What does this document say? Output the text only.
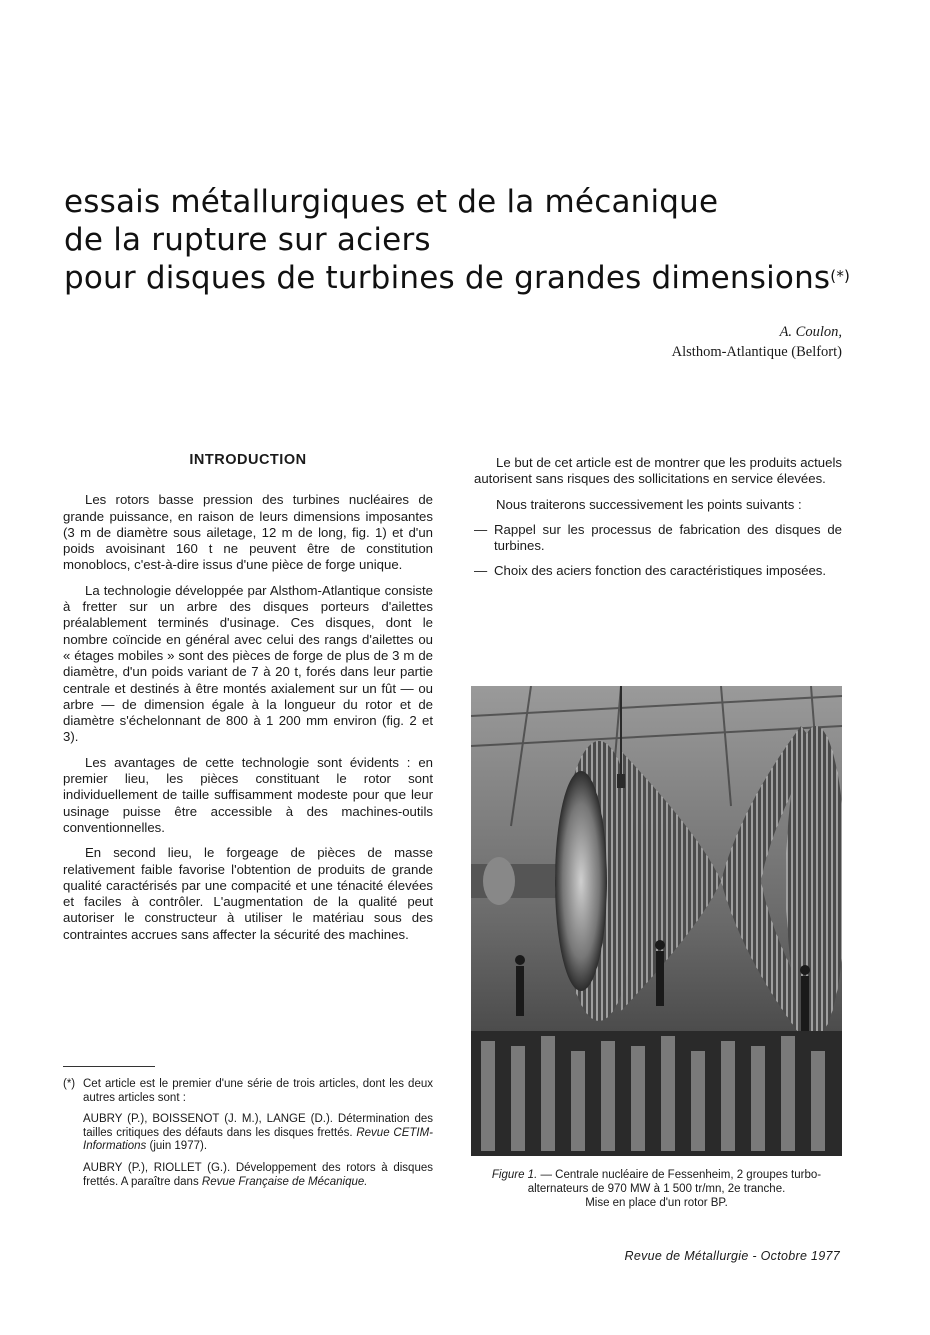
essais métallurgiques et de la mécanique
de la rupture sur aciers
pour disques de turbines de grandes dimensions(*)
A. Coulon,
Alsthom-Atlantique (Belfort)
INTRODUCTION

Les rotors basse pression des turbines nucléaires de grande puissance, en raison de leurs dimensions imposantes (3 m de diamètre sous ailetage, 12 m de long, fig. 1) et d'un poids avoisinant 160 t ne peuvent être de constitution monoblocs, c'est-à-dire issus d'une pièce de forge unique.

La technologie développée par Alsthom-Atlantique consiste à fretter sur un arbre des disques porteurs d'ailettes préalablement terminés d'usinage. Ces disques, dont le nombre coïncide en général avec celui des rangs d'ailettes ou « étages mobiles » sont des pièces de forge de plus de 3 m de diamètre, d'un poids variant de 7 à 20 t, forés dans leur partie centrale et destinés à être montés axialement sur un fût — ou arbre — de dimension égale à la longueur du rotor et de diamètre s'échelonnant de 800 à 1 200 mm environ (fig. 2 et 3).

Les avantages de cette technologie sont évidents : en premier lieu, les pièces constituant le rotor sont individuellement de taille suffisamment modeste pour que leur usinage puisse être accessible à des machines-outils conventionnelles.

En second lieu, le forgeage de pièces de masse relativement faible favorise l'obtention de produits de grande qualité caractérisés par une compacité et une ténacité élevées et faciles à contrôler. L'augmentation de la qualité peut autoriser le constructeur à utiliser le matériau sous des contraintes accrues sans affecter la sécurité des machines.

Le but de cet article est de montrer que les produits actuels autorisent sans risques des sollicitations en service élevées.

Nous traiterons successivement les points suivants :

— Rappel sur les processus de fabrication des disques de turbines.
— Choix des aciers fonction des caractéristiques imposées.
Figure 1. — Centrale nucléaire de Fessenheim, 2 groupes turbo-alternateurs de 970 MW à 1 500 tr/mn, 2e tranche.
Mise en place d'un rotor BP.
(*) Cet article est le premier d'une série de trois articles, dont les deux autres articles sont :
AUBRY (P.), BOISSENOT (J. M.), LANGE (D.). Détermination des tailles critiques des défauts dans les disques frettés. Revue CETIM-Informations (juin 1977).
AUBRY (P.), RIOLLET (G.). Développement des rotors à disques frettés. A paraître dans Revue Française de Mécanique.
Revue de Métallurgie - Octobre 1977
